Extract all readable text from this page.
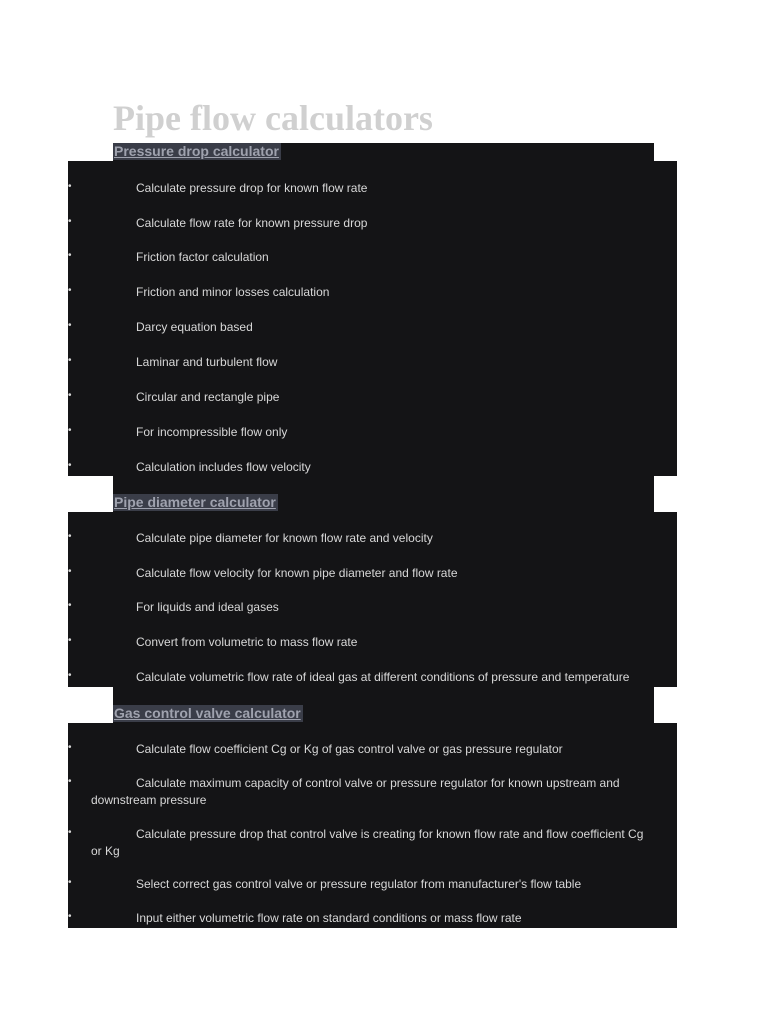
Pipe flow calculators
Pressure drop calculator
•	Calculate pressure drop for known flow rate
•	Calculate flow rate for known pressure drop
•	Friction factor calculation
•	Friction and minor losses calculation
•	Darcy equation based
•	Laminar and turbulent flow
•	Circular and rectangle pipe
•	For incompressible flow only
•	Calculation includes flow velocity
Pipe diameter calculator
•	Calculate pipe diameter for known flow rate and velocity
•	Calculate flow velocity for known pipe diameter and flow rate
•	For liquids and ideal gases
•	Convert from volumetric to mass flow rate
•	Calculate volumetric flow rate of ideal gas at different conditions of pressure and temperature
Gas control valve calculator
•	Calculate flow coefficient Cg or Kg of gas control valve or gas pressure regulator
•	Calculate maximum capacity of control valve or pressure regulator for known upstream and downstream pressure
•	Calculate pressure drop that control valve is creating for known flow rate and flow coefficient Cg or Kg
•	Select correct gas control valve or pressure regulator from manufacturer's flow table
•	Input either volumetric flow rate on standard conditions or mass flow rate
